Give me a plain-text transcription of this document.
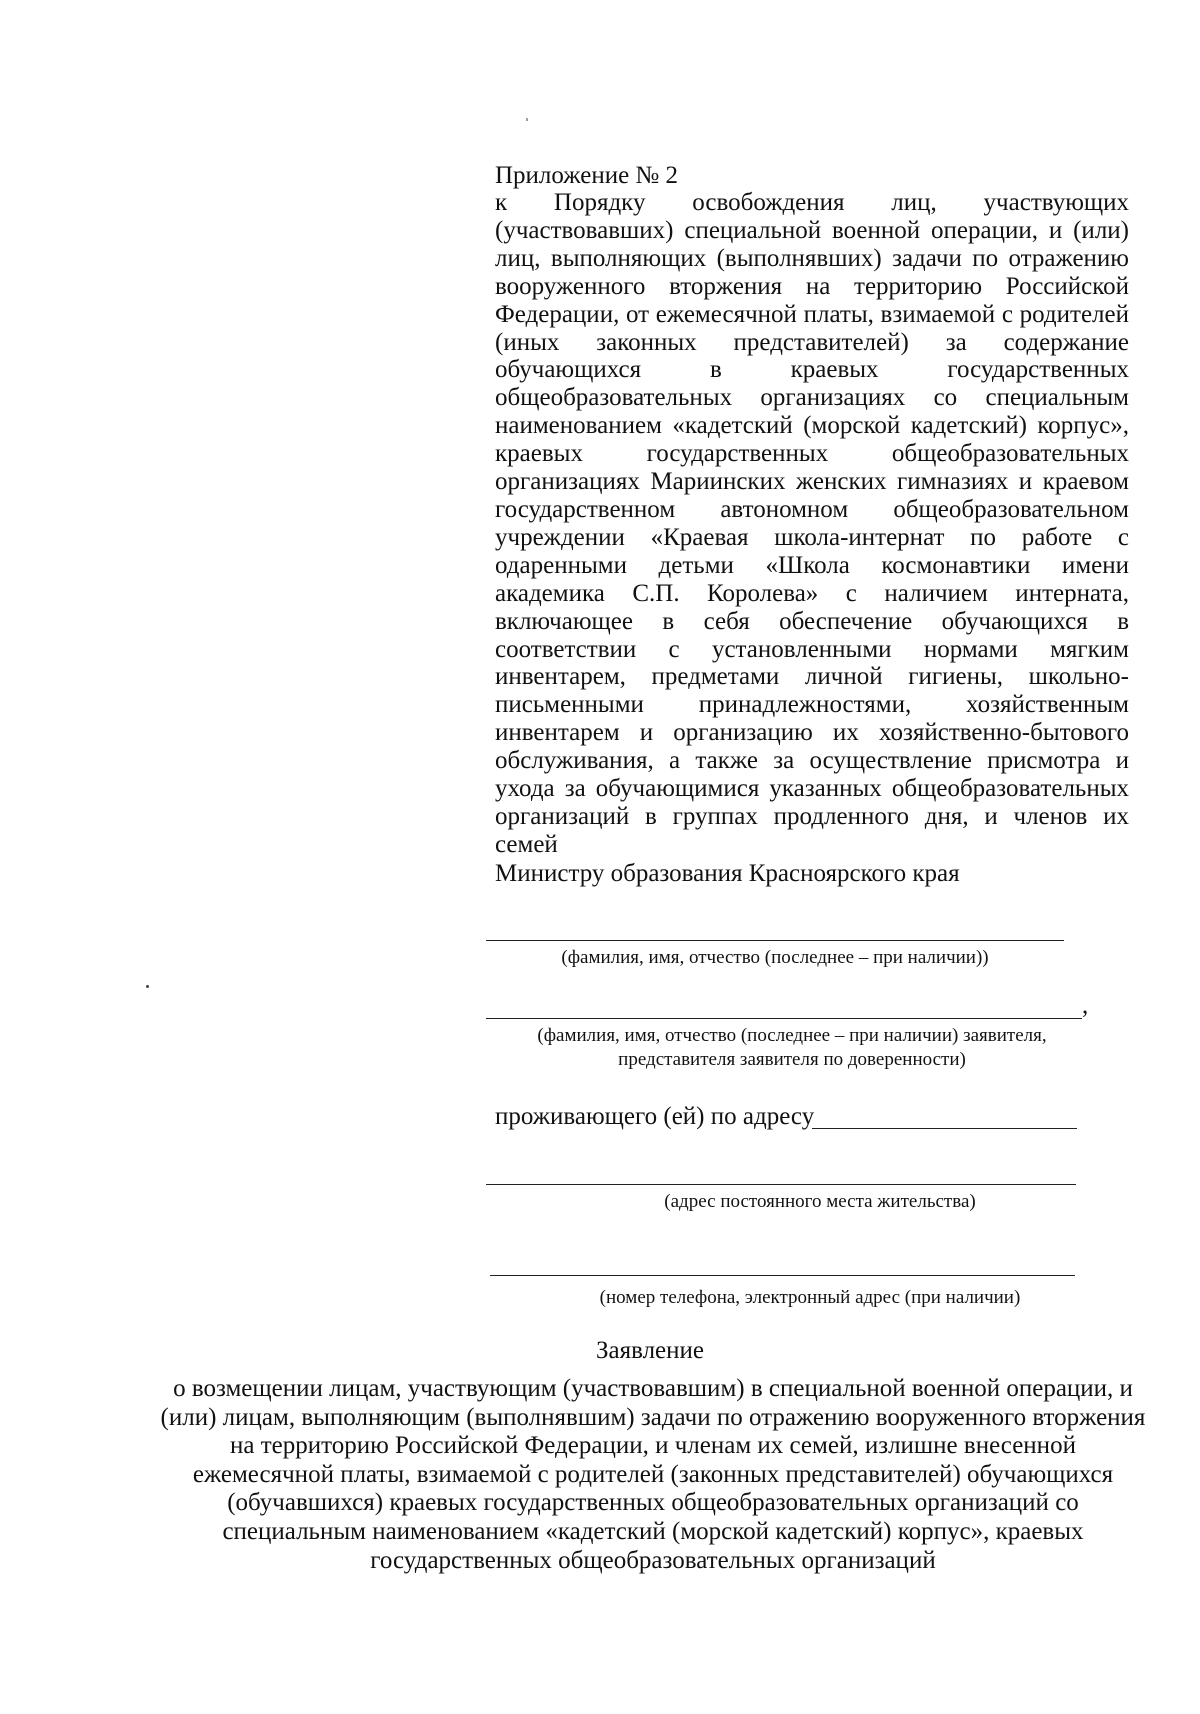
ˌ

Приложение № 2

к Порядку освобождения лиц, участвующих (участвовавших) специальной военной операции, и (или) лиц, выполняющих (выполнявших) задачи по отражению вооруженного вторжения на территорию Российской Федерации, от ежемесячной платы, взимаемой с родителей (иных законных представителей) за содержание обучающихся в краевых государственных общеобразовательных организациях со специальным наименованием «кадетский (морской кадетский) корпус», краевых государственных общеобразовательных организациях Мариинских женских гимназиях и краевом государственном автономном общеобразовательном учреждении «Краевая школа-интернат по работе с одаренными детьми «Школа космонавтики имени академика С.П. Королева» с наличием интерната, включающее в себя обеспечение обучающихся в соответствии с установленными нормами мягким инвентарем, предметами личной гигиены, школьно-письменными принадлежностями, хозяйственным инвентарем и организацию их хозяйственно-бытового обслуживания, а также за осуществление присмотра и ухода за обучающимися указанных общеобразовательных организаций в группах продленного дня, и членов их семей

Министру образования Красноярского края

(фамилия, имя, отчество (последнее – при наличии))

,

(фамилия, имя, отчество (последнее – при наличии) заявителя,

представителя заявителя по доверенности)

проживающего (ей) по адресу

(адрес постоянного места жительства)

(номер телефона, электронный адрес (при наличии)

Заявление

о возмещении лицам, участвующим (участвовавшим) в специальной военной операции, и (или) лицам, выполняющим (выполнявшим) задачи по отражению вооруженного вторжения на территорию Российской Федерации, и членам их семей, излишне внесенной ежемесячной платы, взимаемой с родителей (законных представителей) обучающихся (обучавшихся) краевых государственных общеобразовательных организаций со специальным наименованием «кадетский (морской кадетский) корпус», краевых государственных общеобразовательных организаций
